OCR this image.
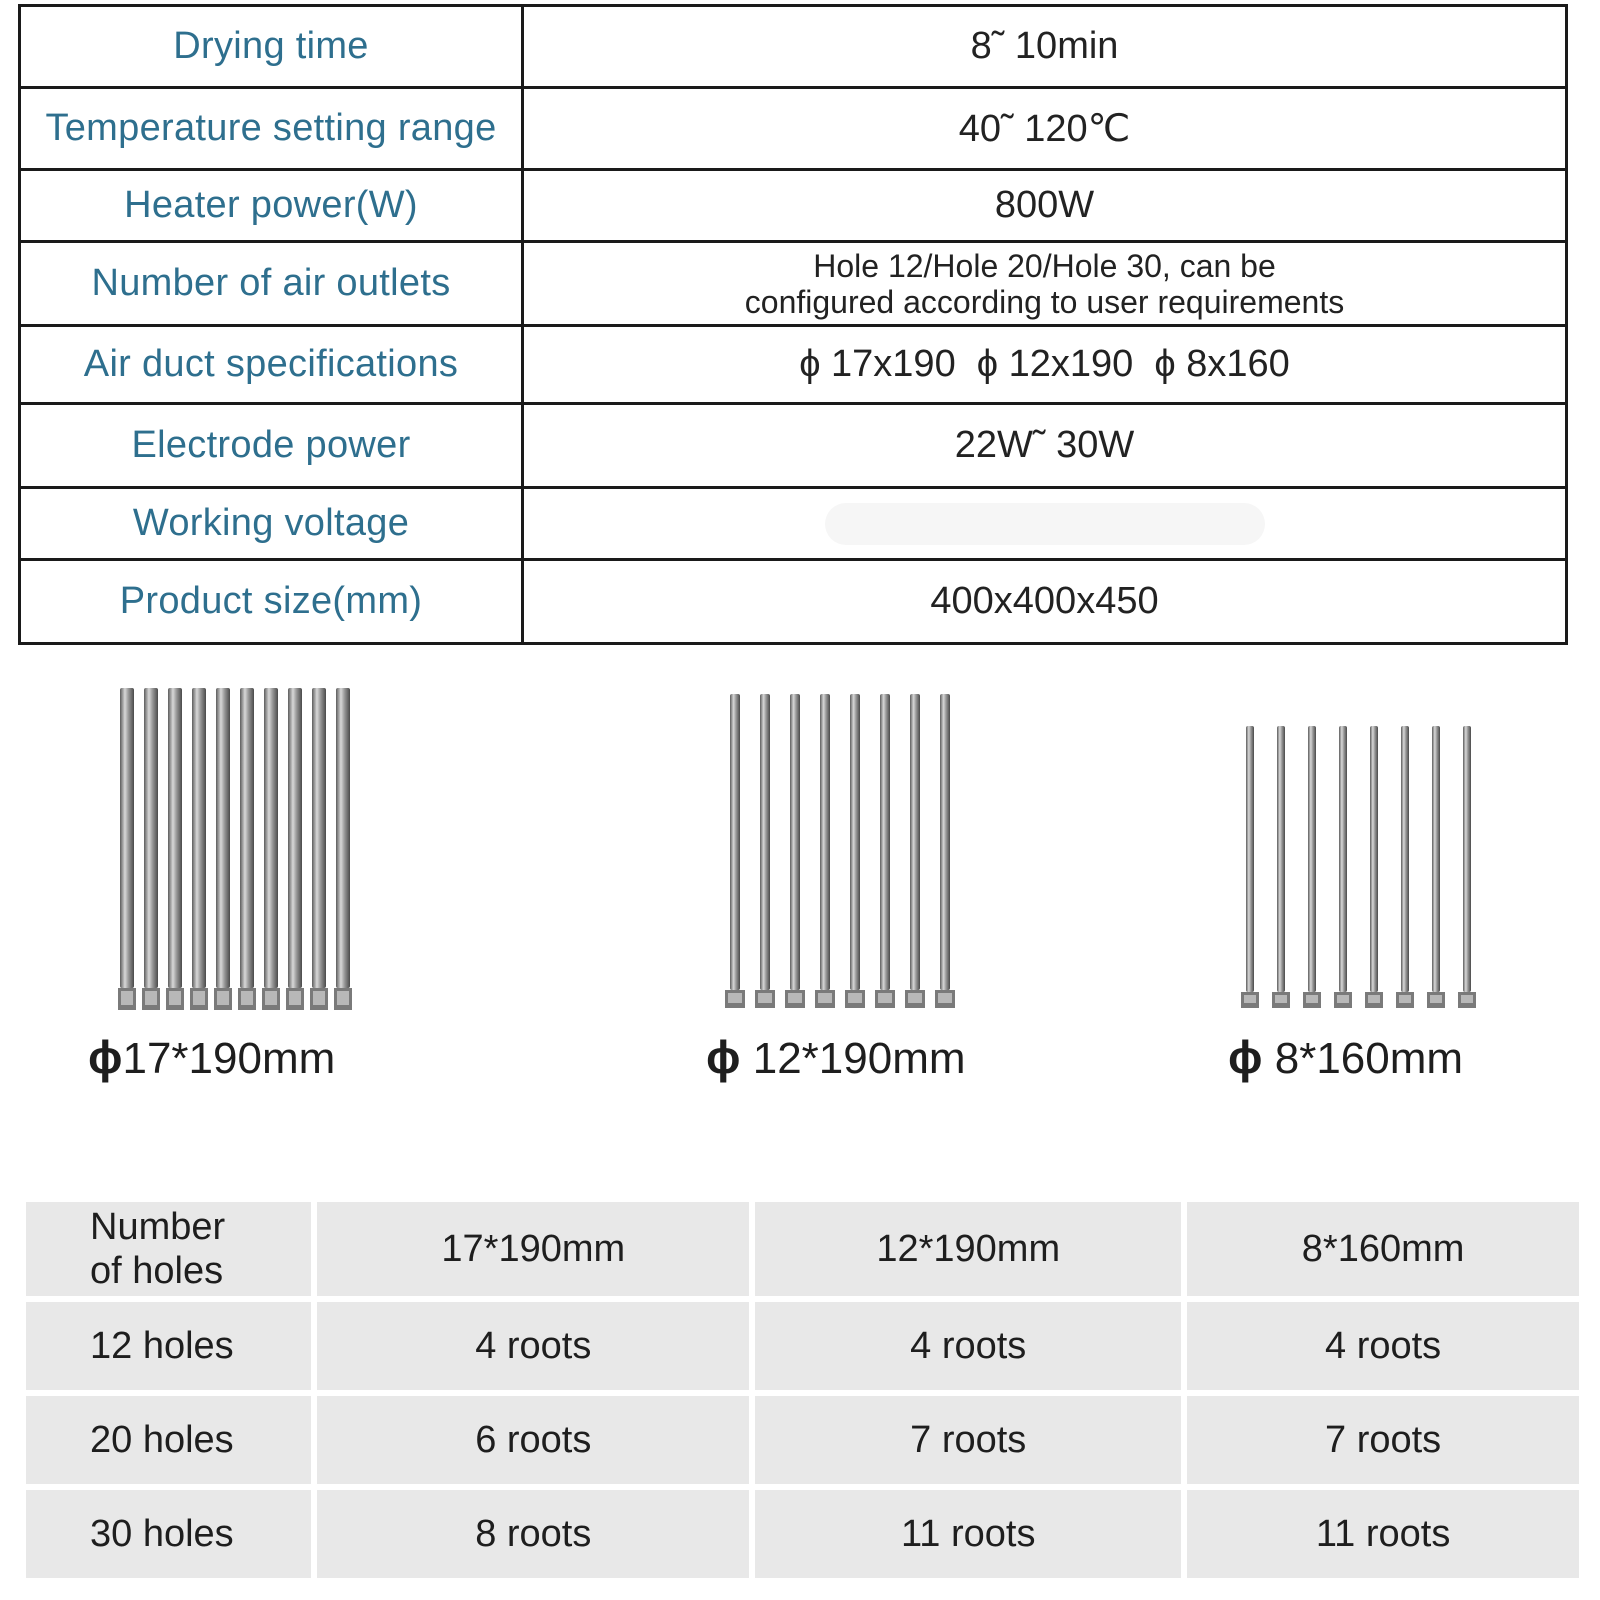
Drying time	8˜ 10min
Temperature setting range	40˜ 120℃
Heater power(W)	800W
Number of air outlets	Hole 12/Hole 20/Hole 30, can be
configured according to user requirements

Air duct specifications	ϕ 17x190  ϕ 12x190  ϕ 8x160
Electrode power	22W˜ 30W
Working voltage	
Product size(mm)	400x400x450
ϕ17*190mm	ϕ 12*190mm	ϕ 8*160mm
Number
of holes	17*190mm	12*190mm	8*160mm
12 holes	4 roots	4 roots	4 roots
20 holes	6 roots	7 roots	7 roots
30 holes	8 roots	11 roots	11 roots
